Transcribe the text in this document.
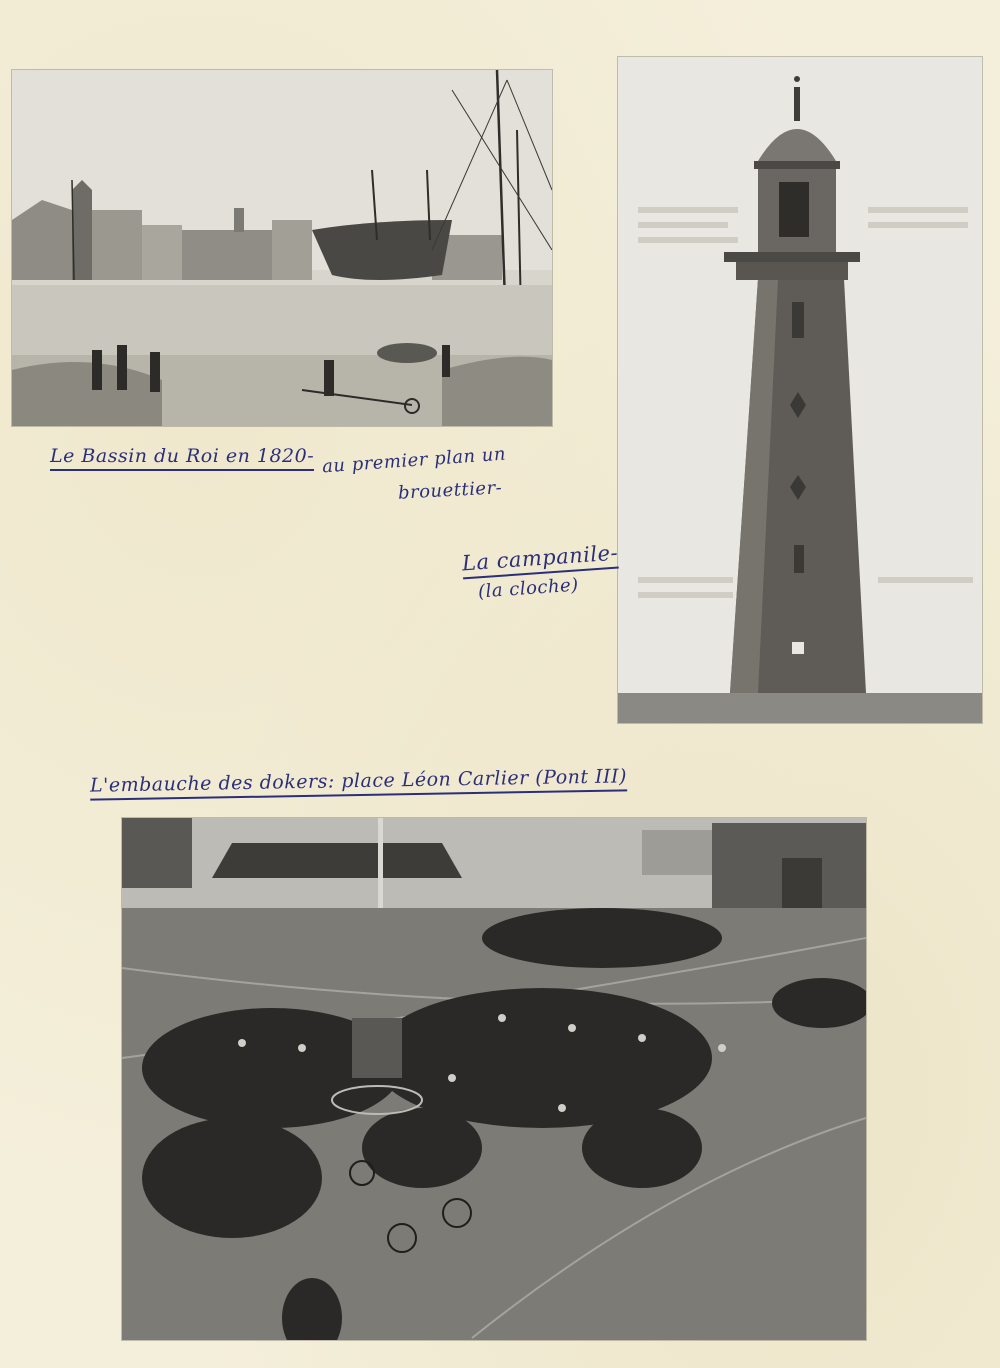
Le Bassin du Roi en 1820- au premier plan un
brouettier-
La campanile-
(la cloche)
L'embauche des dokers: place Léon Carlier (Pont III)
